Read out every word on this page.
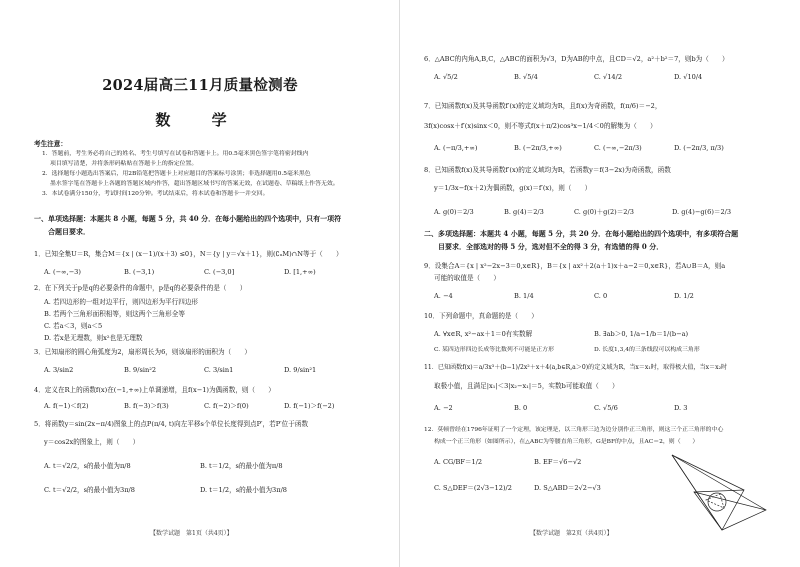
2024届高三11月质量检测卷
数 学
考生注意：
1．答题前，考生务必将自己的姓名、考生号填写在试卷和答题卡上。用0.5毫米黑色签字笔将密封线内
项目填写清楚，并将条形码粘贴在答题卡上的指定位置。
2．选择题每小题选出答案后，用2B铅笔把答题卡上对应题目的答案标号涂黑；非选择题用0.5毫米黑色
墨水签字笔在答题卡上各题的答题区域内作答，超出答题区域书写的答案无效，在试题卷、草稿纸上作答无效。
3．本试卷满分150分，考试时间120分钟。考试结束后，将本试卷和答题卡一并交回。
一、单项选择题：本题共 8 小题，每题 5 分，共 40 分．在每小题给出的四个选项中，只有一项符
合题目要求．
1．已知全集U＝R，集合M＝{x | (x－1)/(x＋3) ≤0}，N＝{y | y＝√x＋1}，则(∁ᵤM)∩N等于（　　）
A. (−∞,−3)	B. (−3,1)	C. (−3,0]	D. [1,+∞)
2．在下列关于p是q的必要条件的命题中，p是q的必要条件的是（　　）
A. 若四边形的一组对边平行，则四边形为平行四边形
B. 若两个三角形面积相等，则这两个三角形全等
C. 若a＜3，则a＜5
D. 若x是无理数，则x²也是无理数
3．已知扇形的圆心角弧度为2，扇形周长为6，则该扇形的面积为（　　）
A. 3/sin2	B. 9/sin²2	C. 3/sin1	D. 9/sin²1
4．定义在R上的函数f(x)在(−1,+∞)上单调递增，且f(x−1)为偶函数，则（　　）
A. f(−1)＜f(2)	B. f(−3)＞f(3)	C. f(−2)＞f(0)	D. f(−1)＞f(−2)
5．将函数y＝sin(2x−π/4)图象上的点P(π/4, t)向左平移s个单位长度得到点P′，若P′位于函数
y＝cos2x的图象上，则（　　）
A. t＝√2/2，s的最小值为π/8	B. t＝1/2，s的最小值为π/8
C. t＝√2/2，s的最小值为3π/8	D. t＝1/2，s的最小值为3π/8
【数学试题　第1页（共4页）】
6．△ABC的内角A,B,C，△ABC的面积为√3，D为AB的中点，且CD＝√2，a²＋b²＝7，则b为（　　）
A. √5/2	B. √5/4	C. √14/2	D. √10/4
7．已知函数f(x)及其导函数f′(x)的定义域均为R，且f(x)为奇函数，f(π/6)＝−2，
3f(x)cosx＋f′(x)sinx＜0，则不等式f(x＋π/2)cos³x−1/4＜0的解集为（　　）
A. (−π/3,+∞)	B. (−2π/3,+∞)	C. (−∞,−2π/3)	D. (−2π/3, π/3)
8．已知函数f(x)及其导函数f′(x)的定义域均为R，若函数y＝f(3−2x)为奇函数，函数
y＝1/3x−f(x＋2)为偶函数，g(x)＝f′(x)，则（　　）
A. g(0)＝2/3	B. g(4)＝2/3	C. g(0)＋g(2)＝2/3	D. g(4)−g(6)＝2/3
二、多项选择题：本题共 4 小题，每题 5 分，共 20 分．在每小题给出的四个选项中，有多项符合题
目要求．全部选对的得 5 分，选对但不全的得 3 分，有选错的得 0 分．
9．设集合A＝{x | x²−2x−3＝0,x∈R}，B＝{x | ax²＋2(a＋1)x＋a−2＝0,x∈R}，若A∪B＝A，则a
可能的取值是（　　）
A. −4	B. 1/4	C. 0	D. 1/2
10．下列命题中，真命题的是（　　）
A. ∀x∈R, x²−ax＋1＝0有实数解	B. ∃ab＞0, 1/a−1/b＝1/(b−a)
C. 某四边形四边长成等比数列不可能是正方形	D. 长度1,3,4的三条线段可以构成三角形
11．已知函数f(x)＝a/3x³＋(b−1)/2x²＋x＋4(a,b∈R,a＞0)的定义域为R，当x＝x₁时，取得极大值，当x＝x₂时
取极小值，且满足|x₁|＜3|x₂−x₁|＝5，实数b可能取值（　　）
A. −2	B. 0	C. √5/6	D. 3
12．莫顿曾经在1796年证明了一个定理，该定理是，以三角形三边为边分别作正三角形，则这三个正三角形的中心
构成一个正三角形（如图所示），在△ABC为等腰直角三角形，G是BF的中点，且AC＝2，则（　　）
A. CG/BF＝1/2	B. EF＝√6−√2
C. S△DEF＝(2√3−12)/2	D. S△ABD＝2√2−√3
【数学试题　第2页（共4页）】
